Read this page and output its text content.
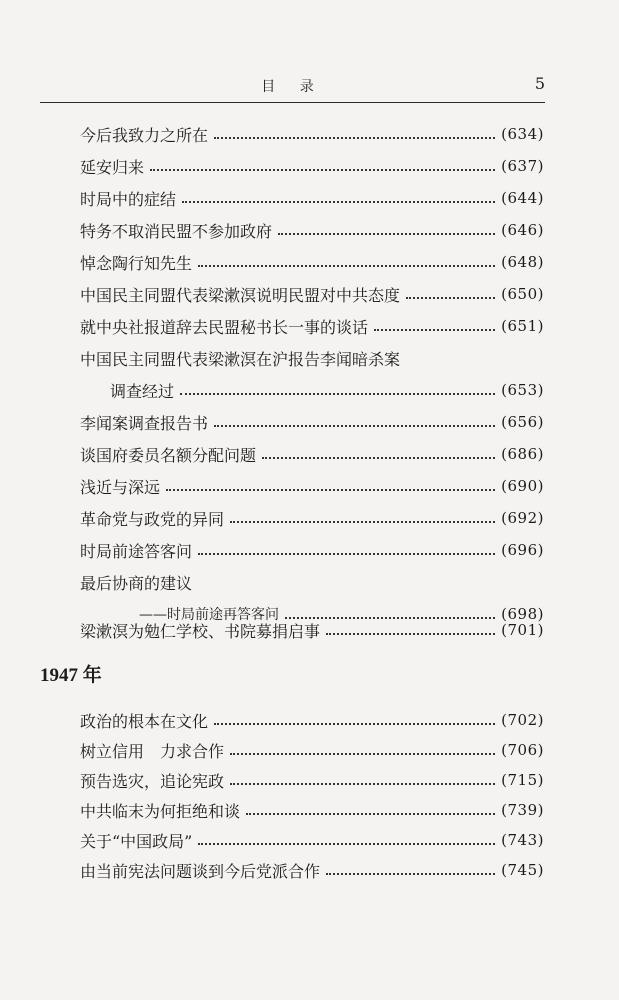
目 录	5
今后我致力之所在	(634)
延安归来	(637)
时局中的症结	(644)
特务不取消民盟不参加政府	(646)
悼念陶行知先生	(648)
中国民主同盟代表梁漱溟说明民盟对中共态度	(650)
就中央社报道辞去民盟秘书长一事的谈话	(651)
中国民主同盟代表梁漱溟在沪报告李闻暗杀案
调查经过	(653)
李闻案调查报告书	(656)
谈国府委员名额分配问题	(686)
浅近与深远	(690)
革命党与政党的异同	(692)
时局前途答客问	(696)
最后协商的建议
——时局前途再答客问	(698)
梁漱溟为勉仁学校、书院募捐启事	(701)
1947 年
政治的根本在文化	(702)
树立信用　力求合作	(706)
预告选灾，追论宪政	(715)
中共临末为何拒绝和谈	(739)
关于“中国政局”	(743)
由当前宪法问题谈到今后党派合作	(745)
